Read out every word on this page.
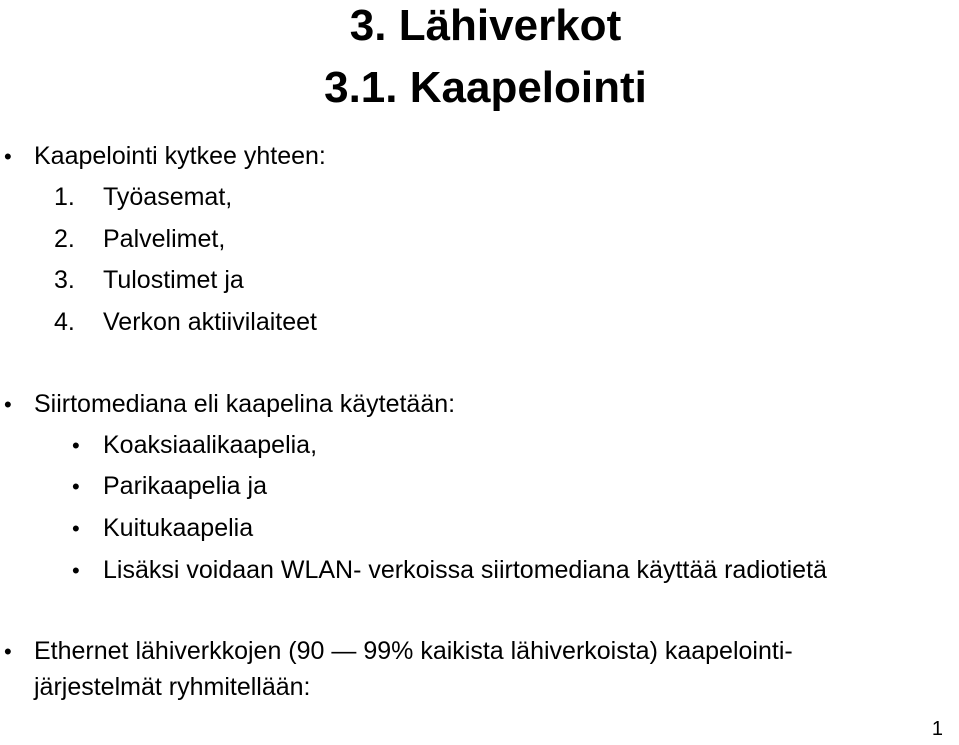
3. Lähiverkot
3.1. Kaapelointi
• Kaapelointi kytkee yhteen:
1. Työasemat,
2. Palvelimet,
3. Tulostimet ja
4. Verkon aktiivilaiteet
• Siirtomediana eli kaapelina käytetään:
• Koaksiaalikaapelia,
• Parikaapelia ja
• Kuitukaapelia
• Lisäksi voidaan WLAN- verkoissa siirtomediana käyttää radiotietä
• Ethernet lähiverkkojen (90 — 99% kaikista lähiverkoista) kaapelointi-
järjestelmät ryhmitellään:
1
